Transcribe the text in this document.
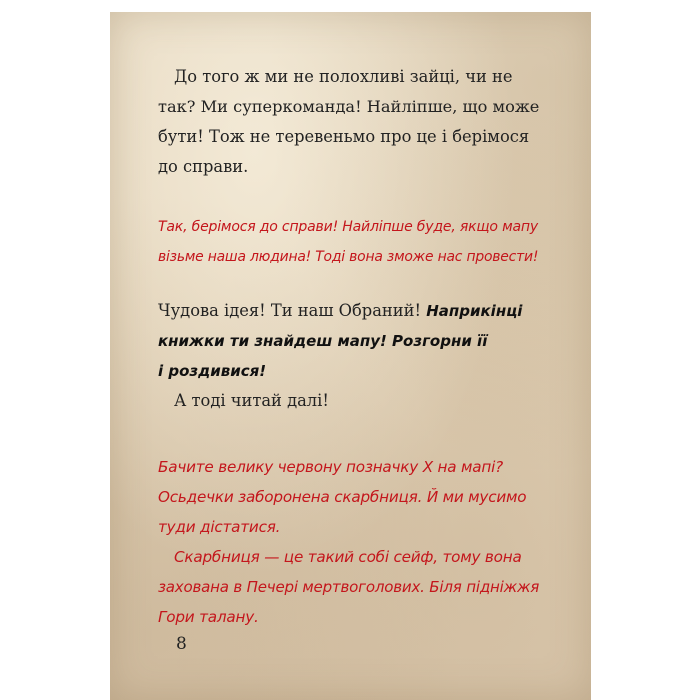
До того ж ми не полохливі зайці, чи не
так? Ми суперкоманда! Найліпше, що може
бути! Тож не теревеньмо про це і берімося
до справи.
Так, берімося до справи! Найліпше буде, якщо мапу
візьме наша людина! Тоді вона зможе нас провести!
Чудова ідея! Ти наш Обраний! Наприкінці
книжки ти знайдеш мапу! Розгорни її
і роздивися!
А тоді читай далі!
Бачите велику червону позначку Х на мапі?
Осьдечки заборонена скарбниця. Й ми мусимо
туди дістатися.
Скарбниця — це такий собі сейф, тому вона
захована в Печері мертвоголових. Біля підніжжя
Гори талану.
8
